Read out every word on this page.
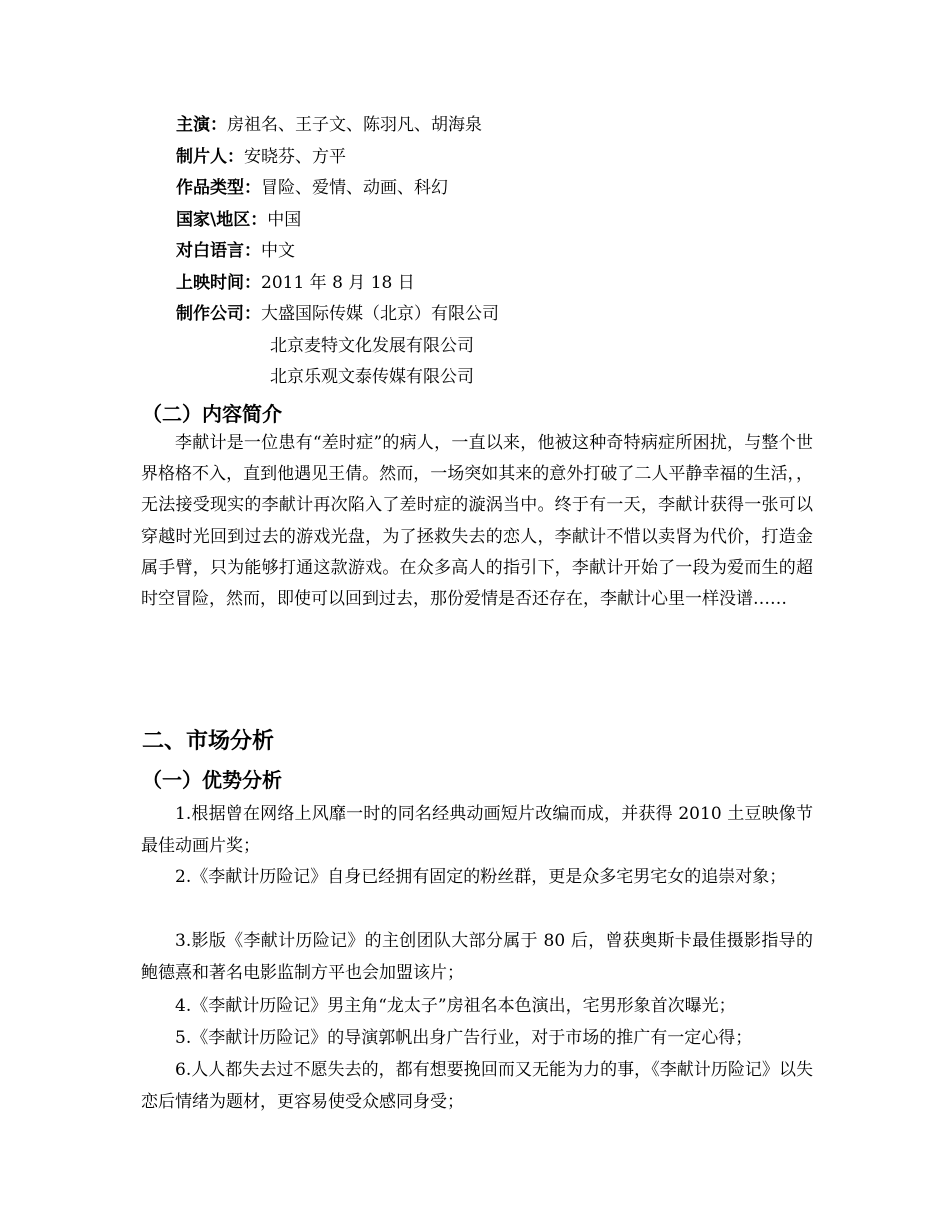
主演：房祖名、王子文、陈羽凡、胡海泉
制片人：安晓芬、方平
作品类型：冒险、爱情、动画、科幻
国家\地区：中国
对白语言：中文
上映时间：2011 年 8 月 18 日
制作公司：大盛国际传媒（北京）有限公司
北京麦特文化发展有限公司
北京乐观文泰传媒有限公司
（二）内容简介
李献计是一位患有“差时症”的病人，一直以来，他被这种奇特病症所困扰，与整个世界格格不入，直到他遇见王倩。然而，一场突如其来的意外打破了二人平静幸福的生活，，无法接受现实的李献计再次陷入了差时症的漩涡当中。终于有一天，李献计获得一张可以穿越时光回到过去的游戏光盘，为了拯救失去的恋人，李献计不惜以卖肾为代价，打造金属手臂，只为能够打通这款游戏。在众多高人的指引下，李献计开始了一段为爱而生的超时空冒险，然而，即使可以回到过去，那份爱情是否还存在，李献计心里一样没谱……
二、市场分析
（一）优势分析
1.根据曾在网络上风靡一时的同名经典动画短片改编而成，并获得 2010 土豆映像节最佳动画片奖；
2.《李献计历险记》自身已经拥有固定的粉丝群，更是众多宅男宅女的追崇对象；
3.影版《李献计历险记》的主创团队大部分属于 80 后，曾获奥斯卡最佳摄影指导的鲍德熹和著名电影监制方平也会加盟该片；
4.《李献计历险记》男主角“龙太子”房祖名本色演出，宅男形象首次曝光；
5.《李献计历险记》的导演郭帆出身广告行业，对于市场的推广有一定心得；
6.人人都失去过不愿失去的，都有想要挽回而又无能为力的事，《李献计历险记》以失恋后情绪为题材，更容易使受众感同身受；
